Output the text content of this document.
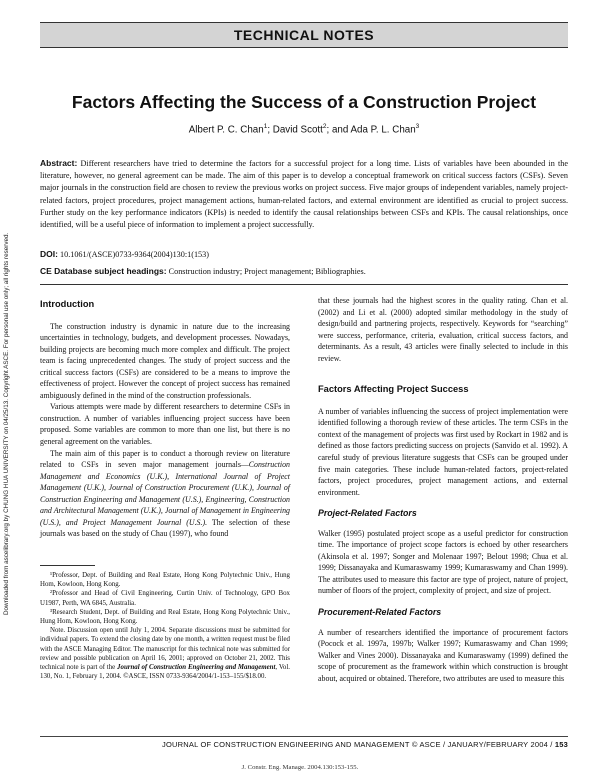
TECHNICAL NOTES
Downloaded from ascelibrary.org by CHUNG HUA UNIVERSITY on 04/25/13. Copyright ASCE. For personal use only; all rights reserved.
Factors Affecting the Success of a Construction Project
Albert P. C. Chan$^1$; David Scott$^2$; and Ada P. L. Chan$^3$
Abstract: Different researchers have tried to determine the factors for a successful project for a long time. Lists of variables have been abounded in the literature, however, no general agreement can be made. The aim of this paper is to develop a conceptual framework on critical success factors (CSFs). Seven major journals in the construction field are chosen to review the previous works on project success. Five major groups of independent variables, namely project-related factors, project procedures, project management actions, human-related factors, and external environment are identified as crucial to project success. Further study on the key performance indicators (KPIs) is needed to identify the causal relationships between CSFs and KPIs. The causal relationships, once identified, will be a useful piece of information to implement a project successfully.
DOI: 10.1061/(ASCE)0733-9364(2004)130:1(153)
CE Database subject headings: Construction industry; Project management; Bibliographies.
Introduction

The construction industry is dynamic in nature due to the increasing uncertainties in technology, budgets, and development processes. Nowadays, building projects are becoming much more complex and difficult. The project team is facing unprecedented changes. The study of project success and the critical success factors (CSFs) are considered to be a means to improve the effectiveness of project. However the concept of project success has remained ambiguously defined in the mind of the construction professionals.

Various attempts were made by different researchers to determine CSFs in construction. A number of variables influencing project success have been proposed. Some variables are common to more than one list, but there is no general agreement on the variables.

The main aim of this paper is to conduct a thorough review on literature related to CSFs in seven major management journals—Construction Management and Economics (U.K.), International Journal of Project Management (U.K.), Journal of Construction Procurement (U.K.), Journal of Construction Engineering and Management (U.S.), Engineering, Construction and Architectural Management (U.K.), Journal of Management in Engineering (U.S.), and Project Management Journal (U.S.). The selection of these journals was based on the study of Chau (1997), who found

¹Professor, Dept. of Building and Real Estate, Hong Kong Polytechnic Univ., Hung Hom, Kowloon, Hong Kong.

²Professor and Head of Civil Engineering, Curtin Univ. of Technology, GPO Box U1987, Perth, WA 6845, Australia.

³Research Student, Dept. of Building and Real Estate, Hong Kong Polytechnic Univ., Hung Hom, Kowloon, Hong Kong.

Note. Discussion open until July 1, 2004. Separate discussions must be submitted for individual papers. To extend the closing date by one month, a written request must be filed with the ASCE Managing Editor. The manuscript for this technical note was submitted for review and possible publication on April 16, 2001; approved on October 21, 2002. This technical note is part of the Journal of Construction Engineering and Management, Vol. 130, No. 1, February 1, 2004. ©ASCE, ISSN 0733-9364/2004/1-153–155/$18.00.

that these journals had the highest scores in the quality rating. Chan et al. (2002) and Li et al. (2000) adopted similar methodology in the study of design/build and partnering projects, respectively. Keywords for “searching” were success, performance, criteria, evaluation, critical success factors, and determinants. As a result, 43 articles were finally selected to include in this review.

Factors Affecting Project Success

A number of variables influencing the success of project implementation were identified following a thorough review of these articles. The term CSFs in the context of the management of projects was first used by Rockart in 1982 and is defined as those factors predicting success on projects (Sanvido et al. 1992). A careful study of previous literature suggests that CSFs can be grouped under five main categories. These include human-related factors, project-related factors, project procedures, project management actions, and external environment.

Project-Related Factors

Walker (1995) postulated project scope as a useful predictor for construction time. The importance of project scope factors is echoed by other researchers (Akinsola et al. 1997; Songer and Molenaar 1997; Belout 1998; Chua et al. 1999; Dissanayaka and Kumaraswamy 1999; Kumaraswamy and Chan 1999). The attributes used to measure this factor are type of project, nature of project, number of floors of the project, complexity of project, and size of project.

Procurement-Related Factors

A number of researchers identified the importance of procurement factors (Pocock et al. 1997a, 1997b; Walker 1997; Kumaraswamy and Chan 1999; Walker and Vines 2000). Dissanayaka and Kumaraswamy (1999) defined the scope of procurement as the framework within which construction is brought about, acquired or obtained. Therefore, two attributes are used to measure this

JOURNAL OF CONSTRUCTION ENGINEERING AND MANAGEMENT © ASCE / JANUARY/FEBRUARY 2004 / 153
J. Constr. Eng. Manage. 2004.130:153-155.
